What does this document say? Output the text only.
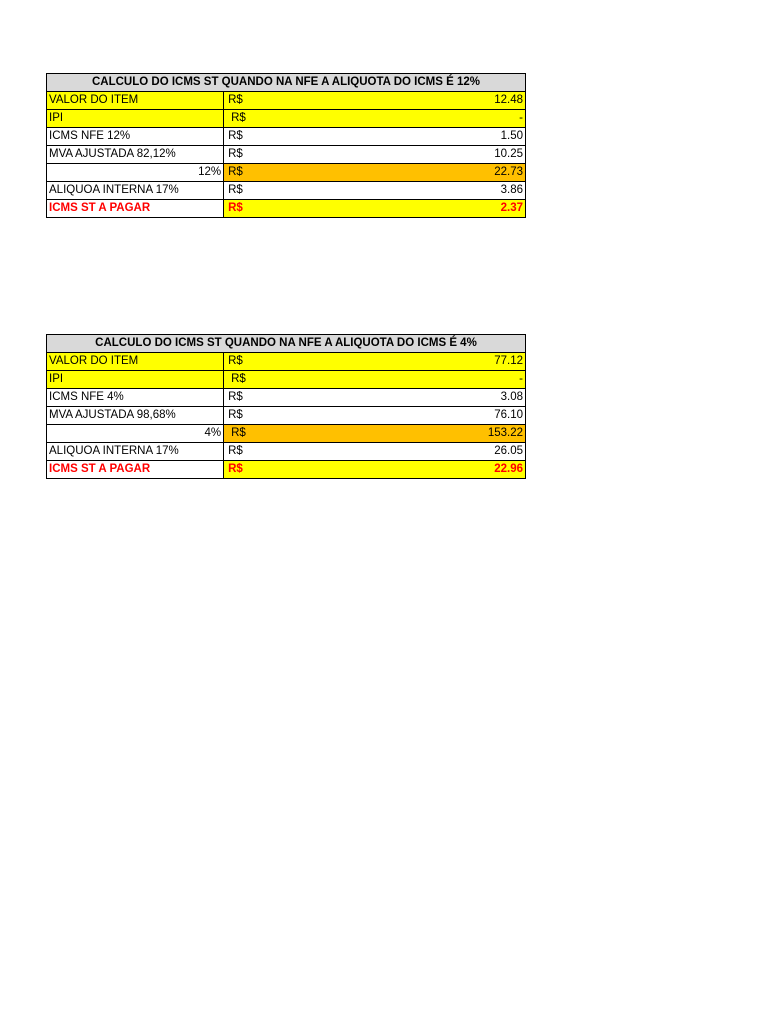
CALCULO DO ICMS ST QUANDO NA NFE A ALIQUOTA DO ICMS É 12%	
VALOR DO ITEM	R$ 12.48

IPI	R$ -

ICMS NFE 12%	R$ 1.50

MVA AJUSTADA 82,12%	R$ 10.25

12%	R$ 22.73

ALIQUOA INTERNA 17%	R$ 3.86

ICMS ST A PAGAR	R$ 2.37
CALCULO DO ICMS ST QUANDO NA NFE A ALIQUOTA DO ICMS É 4%	
VALOR DO ITEM	R$ 77.12

IPI	R$ -

ICMS NFE 4%	R$ 3.08

MVA AJUSTADA 98,68%	R$ 76.10

4%	R$ 153.22

ALIQUOA INTERNA 17%	R$ 26.05

ICMS ST A PAGAR	R$ 22.96
